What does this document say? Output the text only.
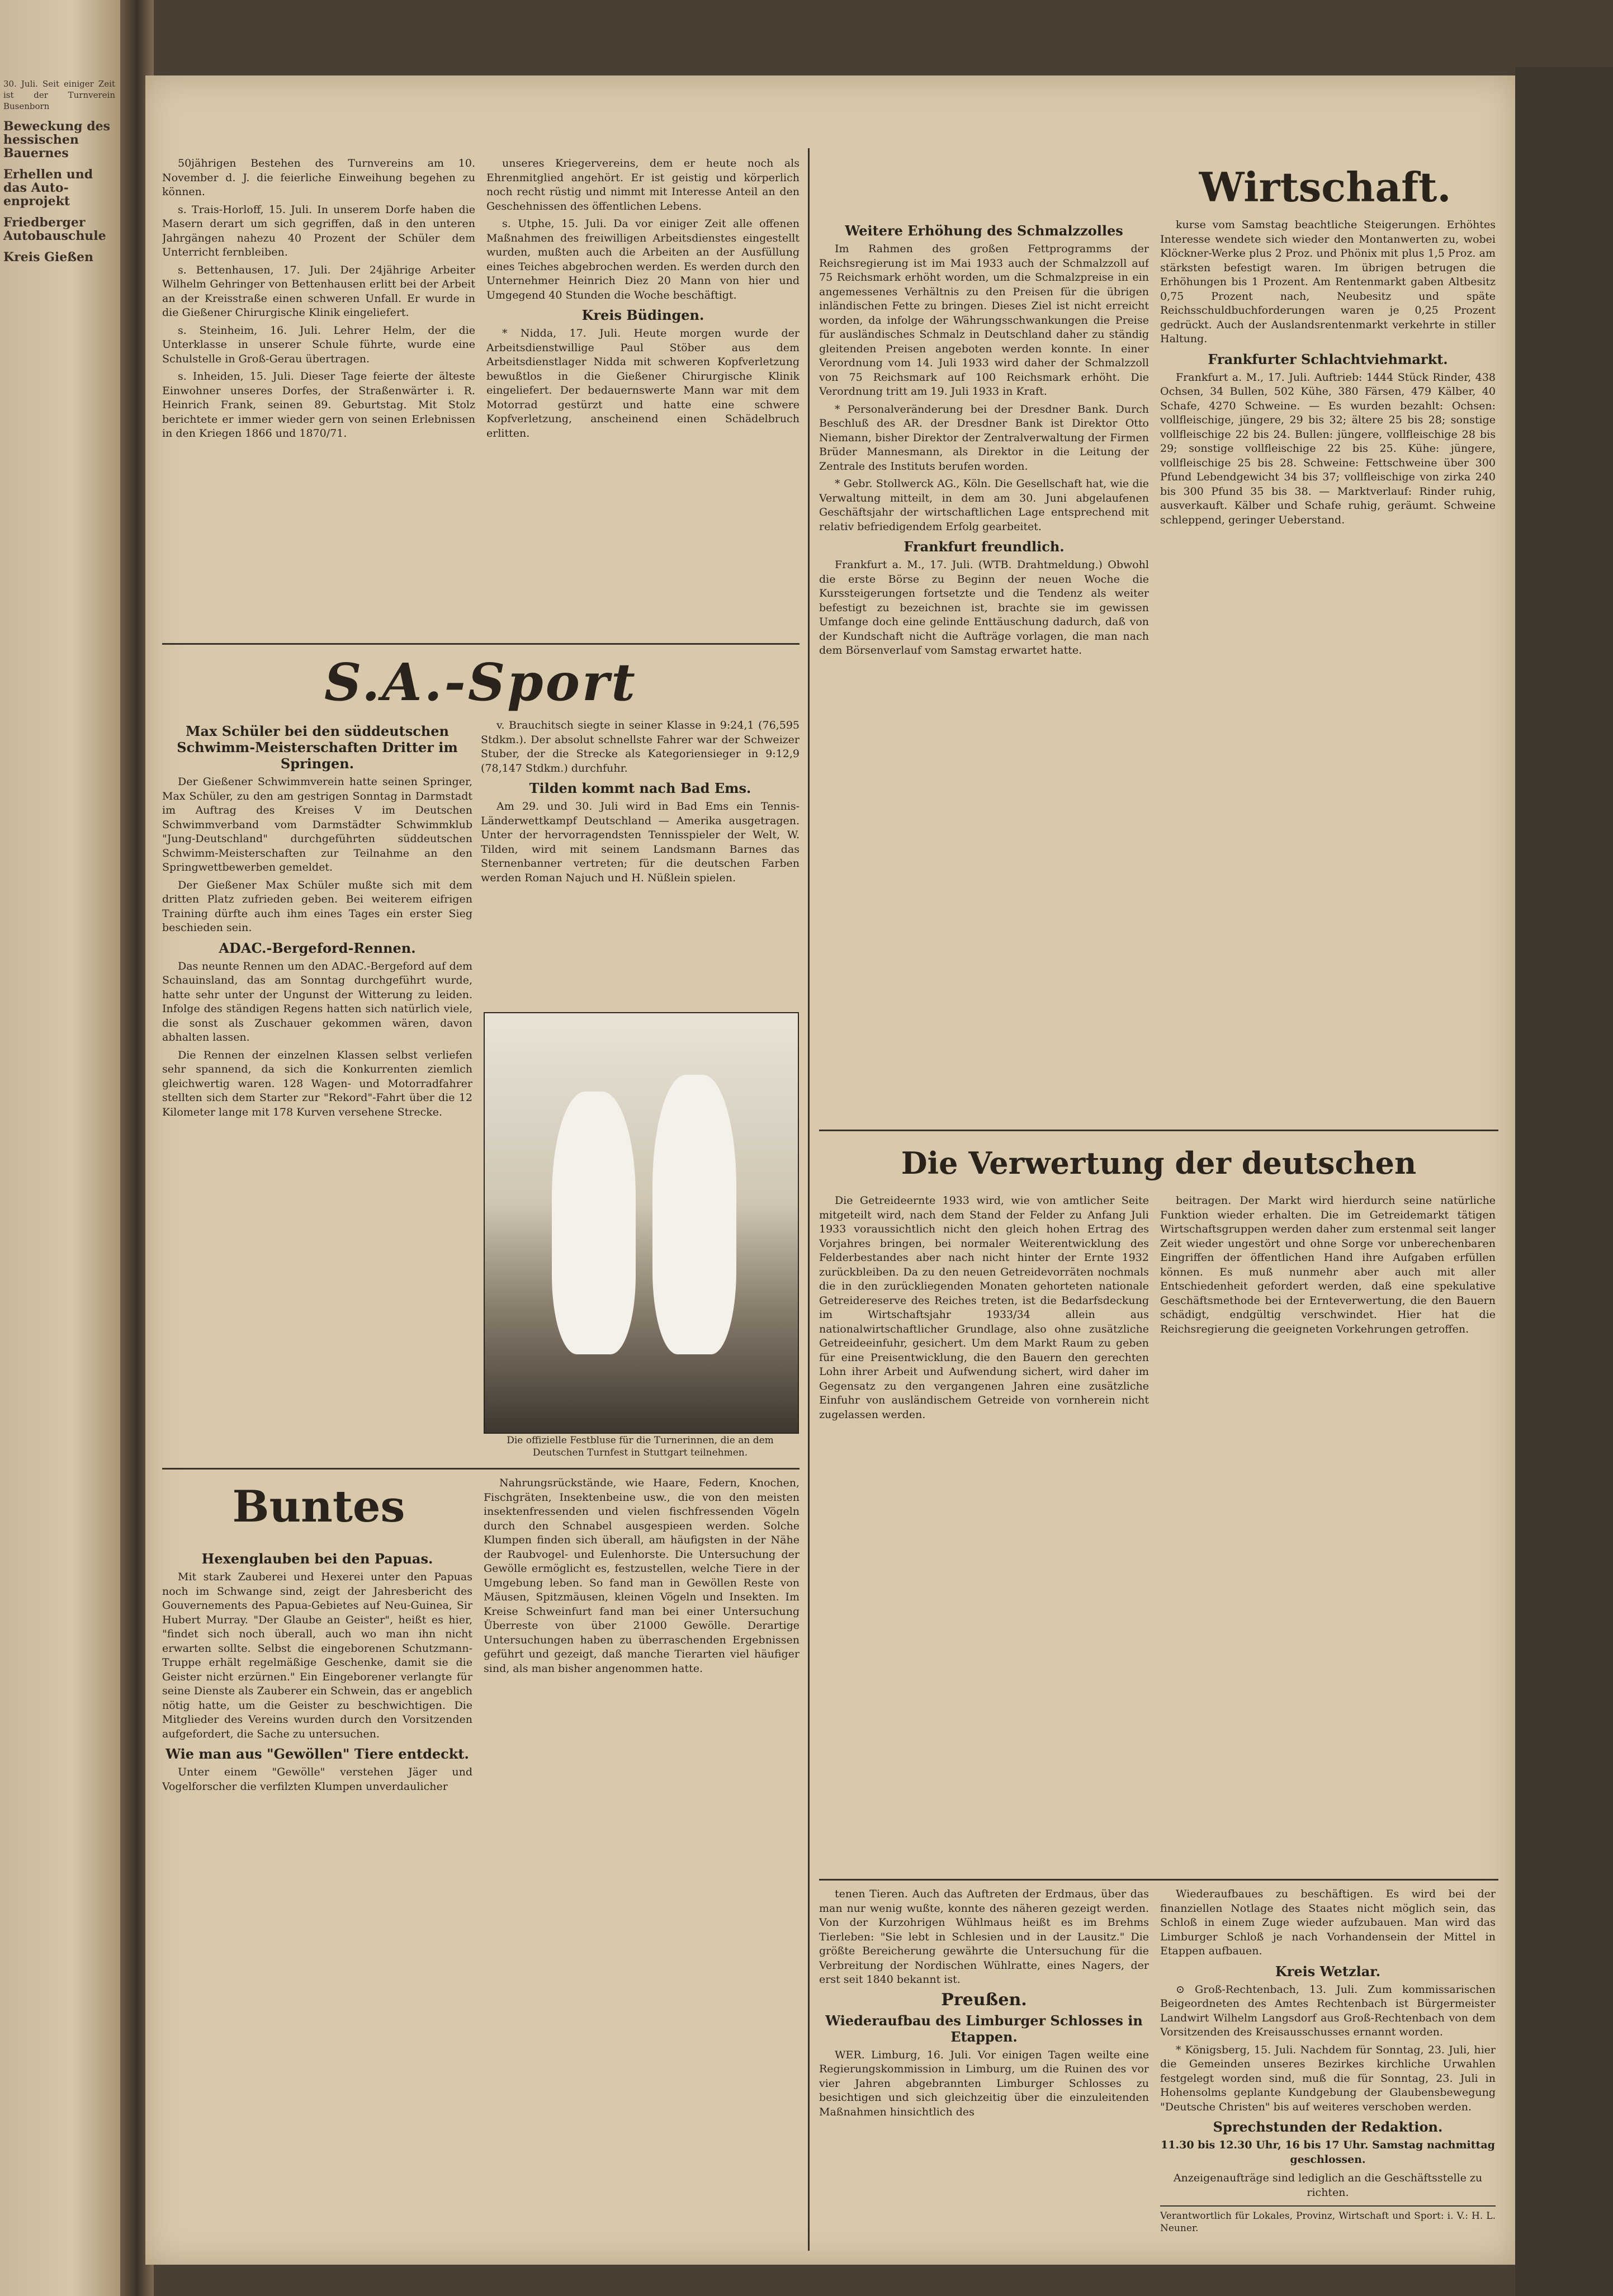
30. Juli. Seit einiger Zeit ist der Turnverein Busenborn

Beweckung des hessischen Bauernes
Erhellen und das Auto-enprojekt
Friedberger Autobauschule
Kreis Gießen

50jährigen Bestehen des Turnvereins am 10. November d. J. die feierliche Einweihung begehen zu können.

s. Trais-Horloff, 15. Juli. In unserem Dorfe haben die Masern derart um sich gegriffen, daß in den unteren Jahrgängen nahezu 40 Prozent der Schüler dem Unterricht fernbleiben.

s. Bettenhausen, 17. Juli. Der 24jährige Arbeiter Wilhelm Gehringer von Bettenhausen erlitt bei der Arbeit an der Kreisstraße einen schweren Unfall. Er wurde in die Gießener Chirurgische Klinik eingeliefert.

s. Steinheim, 16. Juli. Lehrer Helm, der die Unterklasse in unserer Schule führte, wurde eine Schulstelle in Groß-Gerau übertragen.

s. Inheiden, 15. Juli. Dieser Tage feierte der älteste Einwohner unseres Dorfes, der Straßenwärter i. R. Heinrich Frank, seinen 89. Geburtstag. Mit Stolz berichtete er immer wieder gern von seinen Erlebnissen in den Kriegen 1866 und 1870/71.

unseres Kriegervereins, dem er heute noch als Ehrenmitglied angehört. Er ist geistig und körperlich noch recht rüstig und nimmt mit Interesse Anteil an den Geschehnissen des öffentlichen Lebens.

s. Utphe, 15. Juli. Da vor einiger Zeit alle offenen Maßnahmen des freiwilligen Arbeitsdienstes eingestellt wurden, mußten auch die Arbeiten an der Ausfüllung eines Teiches abgebrochen werden. Es werden durch den Unternehmer Heinrich Diez 20 Mann von hier und Umgegend 40 Stunden die Woche beschäftigt.

Kreis Büdingen.

* Nidda, 17. Juli. Heute morgen wurde der Arbeitsdienstwillige Paul Stöber aus dem Arbeitsdienstlager Nidda mit schweren Kopfverletzung bewußtlos in die Gießener Chirurgische Klinik eingeliefert. Der bedauernswerte Mann war mit dem Motorrad gestürzt und hatte eine schwere Kopfverletzung, anscheinend einen Schädelbruch erlitten.

S.A.-Sport
Max Schüler bei den süddeutschen Schwimm-Meisterschaften Dritter im Springen.

Der Gießener Schwimmverein hatte seinen Springer, Max Schüler, zu den am gestrigen Sonntag in Darmstadt im Auftrag des Kreises V im Deutschen Schwimmverband vom Darmstädter Schwimmklub "Jung-Deutschland" durchgeführten süddeutschen Schwimm-Meisterschaften zur Teilnahme an den Springwettbewerben gemeldet.

Der Gießener Max Schüler mußte sich mit dem dritten Platz zufrieden geben. Bei weiterem eifrigen Training dürfte auch ihm eines Tages ein erster Sieg beschieden sein.

ADAC.-Bergeford-Rennen.

Das neunte Rennen um den ADAC.-Bergeford auf dem Schauinsland, das am Sonntag durchgeführt wurde, hatte sehr unter der Ungunst der Witterung zu leiden. Infolge des ständigen Regens hatten sich natürlich viele, die sonst als Zuschauer gekommen wären, davon abhalten lassen.

Die Rennen der einzelnen Klassen selbst verliefen sehr spannend, da sich die Konkurrenten ziemlich gleichwertig waren. 128 Wagen- und Motorradfahrer stellten sich dem Starter zur "Rekord"-Fahrt über die 12 Kilometer lange mit 178 Kurven versehene Strecke.

v. Brauchitsch siegte in seiner Klasse in 9:24,1 (76,595 Stdkm.). Der absolut schnellste Fahrer war der Schweizer Stuber, der die Strecke als Kategoriensieger in 9:12,9 (78,147 Stdkm.) durchfuhr.

Tilden kommt nach Bad Ems.

Am 29. und 30. Juli wird in Bad Ems ein Tennis-Länderwettkampf Deutschland — Amerika ausgetragen. Unter der hervorragendsten Tennisspieler der Welt, W. Tilden, wird mit seinem Landsmann Barnes das Sternenbanner vertreten; für die deutschen Farben werden Roman Najuch und H. Nüßlein spielen.

Die offizielle Festbluse für die Turnerinnen, die an dem Deutschen Turnfest in Stuttgart teilnehmen.
Buntes
Hexenglauben bei den Papuas.

Mit stark Zauberei und Hexerei unter den Papuas noch im Schwange sind, zeigt der Jahresbericht des Gouvernements des Papua-Gebietes auf Neu-Guinea, Sir Hubert Murray. "Der Glaube an Geister", heißt es hier, "findet sich noch überall, auch wo man ihn nicht erwarten sollte. Selbst die eingeborenen Schutzmann-Truppe erhält regelmäßige Geschenke, damit sie die Geister nicht erzürnen." Ein Eingeborener verlangte für seine Dienste als Zauberer ein Schwein, das er angeblich nötig hatte, um die Geister zu beschwichtigen. Die Mitglieder des Vereins wurden durch den Vorsitzenden aufgefordert, die Sache zu untersuchen.

Wie man aus "Gewöllen" Tiere entdeckt.

Unter einem "Gewölle" verstehen Jäger und Vogelforscher die verfilzten Klumpen unverdaulicher

Nahrungsrückstände, wie Haare, Federn, Knochen, Fischgräten, Insektenbeine usw., die von den meisten insektenfressenden und vielen fischfressenden Vögeln durch den Schnabel ausgespieen werden. Solche Klumpen finden sich überall, am häufigsten in der Nähe der Raubvogel- und Eulenhorste. Die Untersuchung der Gewölle ermöglicht es, festzustellen, welche Tiere in der Umgebung leben. So fand man in Gewöllen Reste von Mäusen, Spitzmäusen, kleinen Vögeln und Insekten. Im Kreise Schweinfurt fand man bei einer Untersuchung Überreste von über 21000 Gewölle. Derartige Untersuchungen haben zu überraschenden Ergebnissen geführt und gezeigt, daß manche Tierarten viel häufiger sind, als man bisher angenommen hatte.

Wirtschaft.
Weitere Erhöhung des Schmalzzolles

Im Rahmen des großen Fettprogramms der Reichsregierung ist im Mai 1933 auch der Schmalzzoll auf 75 Reichsmark erhöht worden, um die Schmalzpreise in ein angemessenes Verhältnis zu den Preisen für die übrigen inländischen Fette zu bringen. Dieses Ziel ist nicht erreicht worden, da infolge der Währungsschwankungen die Preise für ausländisches Schmalz in Deutschland daher zu ständig gleitenden Preisen angeboten werden konnte. In einer Verordnung vom 14. Juli 1933 wird daher der Schmalzzoll von 75 Reichsmark auf 100 Reichsmark erhöht. Die Verordnung tritt am 19. Juli 1933 in Kraft.

* Personalveränderung bei der Dresdner Bank. Durch Beschluß des AR. der Dresdner Bank ist Direktor Otto Niemann, bisher Direktor der Zentralverwaltung der Firmen Brüder Mannesmann, als Direktor in die Leitung der Zentrale des Instituts berufen worden.

* Gebr. Stollwerck AG., Köln. Die Gesellschaft hat, wie die Verwaltung mitteilt, in dem am 30. Juni abgelaufenen Geschäftsjahr der wirtschaftlichen Lage entsprechend mit relativ befriedigendem Erfolg gearbeitet.

Frankfurt freundlich.

Frankfurt a. M., 17. Juli. (WTB. Drahtmeldung.) Obwohl die erste Börse zu Beginn der neuen Woche die Kurssteigerungen fortsetzte und die Tendenz als weiter befestigt zu bezeichnen ist, brachte sie im gewissen Umfange doch eine gelinde Enttäuschung dadurch, daß von der Kundschaft nicht die Aufträge vorlagen, die man nach dem Börsenverlauf vom Samstag erwartet hatte.

kurse vom Samstag beachtliche Steigerungen. Erhöhtes Interesse wendete sich wieder den Montanwerten zu, wobei Klöckner-Werke plus 2 Proz. und Phönix mit plus 1,5 Proz. am stärksten befestigt waren. Im übrigen betrugen die Erhöhungen bis 1 Prozent. Am Rentenmarkt gaben Altbesitz 0,75 Prozent nach, Neubesitz und späte Reichsschuldbuchforderungen waren je 0,25 Prozent gedrückt. Auch der Auslandsrentenmarkt verkehrte in stiller Haltung.

Frankfurter Schlachtviehmarkt.

Frankfurt a. M., 17. Juli. Auftrieb: 1444 Stück Rinder, 438 Ochsen, 34 Bullen, 502 Kühe, 380 Färsen, 479 Kälber, 40 Schafe, 4270 Schweine. — Es wurden bezahlt: Ochsen: vollfleischige, jüngere, 29 bis 32; ältere 25 bis 28; sonstige vollfleischige 22 bis 24. Bullen: jüngere, vollfleischige 28 bis 29; sonstige vollfleischige 22 bis 25. Kühe: jüngere, vollfleischige 25 bis 28. Schweine: Fettschweine über 300 Pfund Lebendgewicht 34 bis 37; vollfleischige von zirka 240 bis 300 Pfund 35 bis 38. — Marktverlauf: Rinder ruhig, ausverkauft. Kälber und Schafe ruhig, geräumt. Schweine schleppend, geringer Ueberstand.

Die Verwertung der deutschen

Die Getreideernte 1933 wird, wie von amtlicher Seite mitgeteilt wird, nach dem Stand der Felder zu Anfang Juli 1933 voraussichtlich nicht den gleich hohen Ertrag des Vorjahres bringen, bei normaler Weiterentwicklung des Felderbestandes aber nach nicht hinter der Ernte 1932 zurückbleiben. Da zu den neuen Getreidevorräten nochmals die in den zurückliegenden Monaten gehorteten nationale Getreidereserve des Reiches treten, ist die Bedarfsdeckung im Wirtschaftsjahr 1933/34 allein aus nationalwirtschaftlicher Grundlage, also ohne zusätzliche Getreideeinfuhr, gesichert. Um dem Markt Raum zu geben für eine Preisentwicklung, die den Bauern den gerechten Lohn ihrer Arbeit und Aufwendung sichert, wird daher im Gegensatz zu den vergangenen Jahren eine zusätzliche Einfuhr von ausländischem Getreide von vornherein nicht zugelassen werden.

beitragen. Der Markt wird hierdurch seine natürliche Funktion wieder erhalten. Die im Getreidemarkt tätigen Wirtschaftsgruppen werden daher zum erstenmal seit langer Zeit wieder ungestört und ohne Sorge vor unberechenbaren Eingriffen der öffentlichen Hand ihre Aufgaben erfüllen können. Es muß nunmehr aber auch mit aller Entschiedenheit gefordert werden, daß eine spekulative Geschäftsmethode bei der Ernteverwertung, die den Bauern schädigt, endgültig verschwindet. Hier hat die Reichsregierung die geeigneten Vorkehrungen getroffen.

tenen Tieren. Auch das Auftreten der Erdmaus, über das man nur wenig wußte, konnte des näheren gezeigt werden. Von der Kurzohrigen Wühlmaus heißt es im Brehms Tierleben: "Sie lebt in Schlesien und in der Lausitz." Die größte Bereicherung gewährte die Untersuchung für die Verbreitung der Nordischen Wühlratte, eines Nagers, der erst seit 1840 bekannt ist.

Preußen.
Wiederaufbau des Limburger Schlosses in Etappen.

WER. Limburg, 16. Juli. Vor einigen Tagen weilte eine Regierungskommission in Limburg, um die Ruinen des vor vier Jahren abgebrannten Limburger Schlosses zu besichtigen und sich gleichzeitig über die einzuleitenden Maßnahmen hinsichtlich des

Wiederaufbaues zu beschäftigen. Es wird bei der finanziellen Notlage des Staates nicht möglich sein, das Schloß in einem Zuge wieder aufzubauen. Man wird das Limburger Schloß je nach Vorhandensein der Mittel in Etappen aufbauen.

Kreis Wetzlar.

⊙ Groß-Rechtenbach, 13. Juli. Zum kommissarischen Beigeordneten des Amtes Rechtenbach ist Bürgermeister Landwirt Wilhelm Langsdorf aus Groß-Rechtenbach von dem Vorsitzenden des Kreisausschusses ernannt worden.

* Königsberg, 15. Juli. Nachdem für Sonntag, 23. Juli, hier die Gemeinden unseres Bezirkes kirchliche Urwahlen festgelegt worden sind, muß die für Sonntag, 23. Juli in Hohensolms geplante Kundgebung der Glaubensbewegung "Deutsche Christen" bis auf weiteres verschoben werden.

Sprechstunden der Redaktion.
11.30 bis 12.30 Uhr, 16 bis 17 Uhr. Samstag nachmittag geschlossen.
Anzeigenaufträge sind lediglich an die Geschäftsstelle zu richten.
Verantwortlich für Lokales, Provinz, Wirtschaft und Sport: i. V.: H. L. Neuner.
